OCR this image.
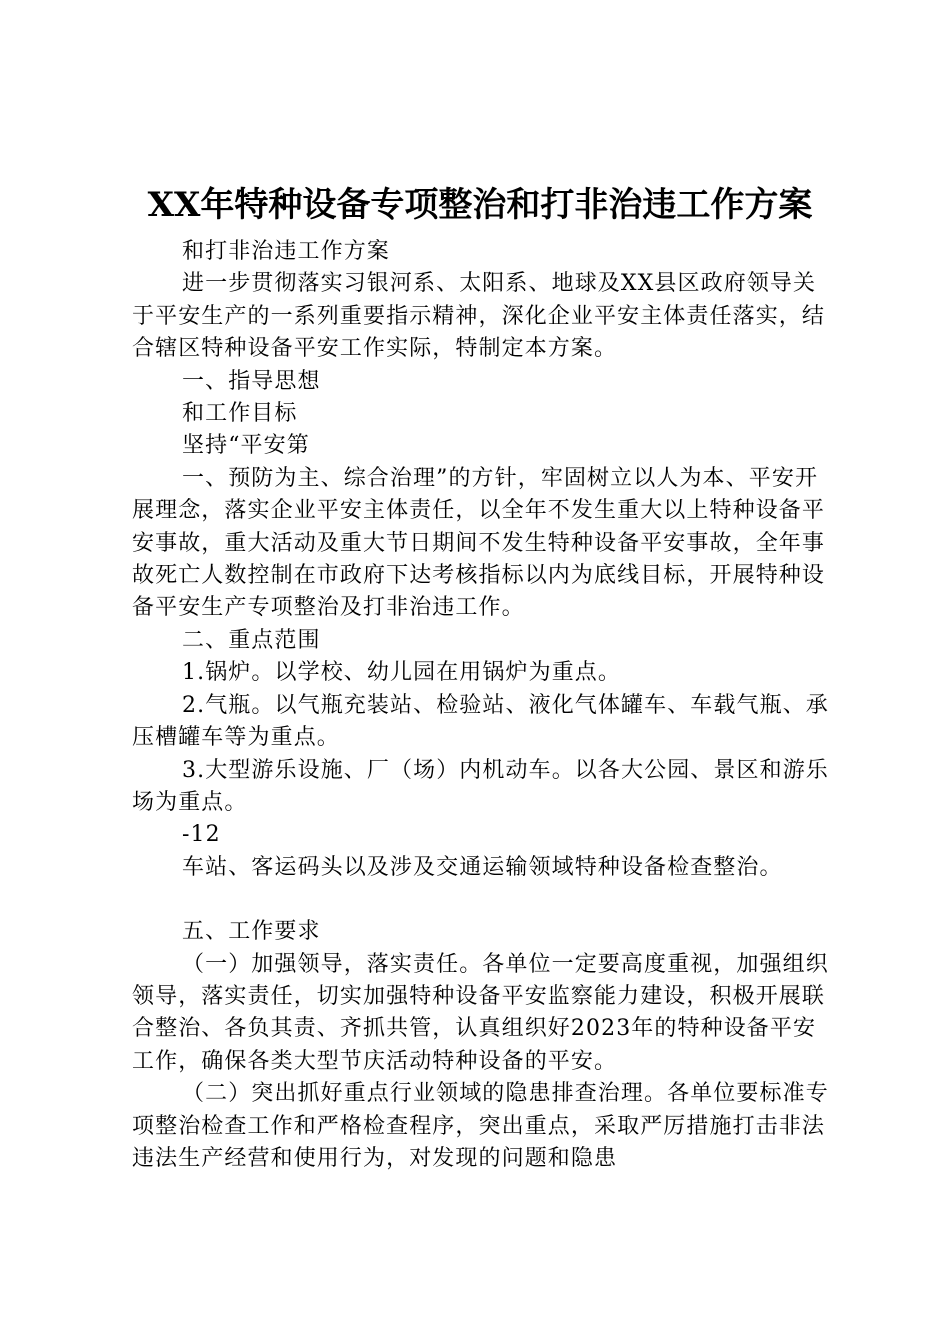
XX年特种设备专项整治和打非治违工作方案

和打非治违工作方案

进一步贯彻落实习银河系、太阳系、地球及XX县区政府领导关于平安生产的一系列重要指示精神，深化企业平安主体责任落实，结合辖区特种设备平安工作实际，特制定本方案。

一、指导思想

和工作目标

坚持“平安第

一、预防为主、综合治理”的方针，牢固树立以人为本、平安开展理念，落实企业平安主体责任，以全年不发生重大以上特种设备平安事故，重大活动及重大节日期间不发生特种设备平安事故，全年事故死亡人数控制在市政府下达考核指标以内为底线目标，开展特种设备平安生产专项整治及打非治违工作。

二、重点范围

1.锅炉。以学校、幼儿园在用锅炉为重点。

2.气瓶。以气瓶充装站、检验站、液化气体罐车、车载气瓶、承压槽罐车等为重点。

3.大型游乐设施、厂（场）内机动车。以各大公园、景区和游乐场为重点。

-12

车站、客运码头以及涉及交通运输领域特种设备检查整治。

五、工作要求

（一）加强领导，落实责任。各单位一定要高度重视，加强组织领导，落实责任，切实加强特种设备平安监察能力建设，积极开展联合整治、各负其责、齐抓共管，认真组织好2023年的特种设备平安工作，确保各类大型节庆活动特种设备的平安。

（二）突出抓好重点行业领域的隐患排查治理。各单位要标准专项整治检查工作和严格检查程序，突出重点，采取严厉措施打击非法违法生产经营和使用行为，对发现的问题和隐患
